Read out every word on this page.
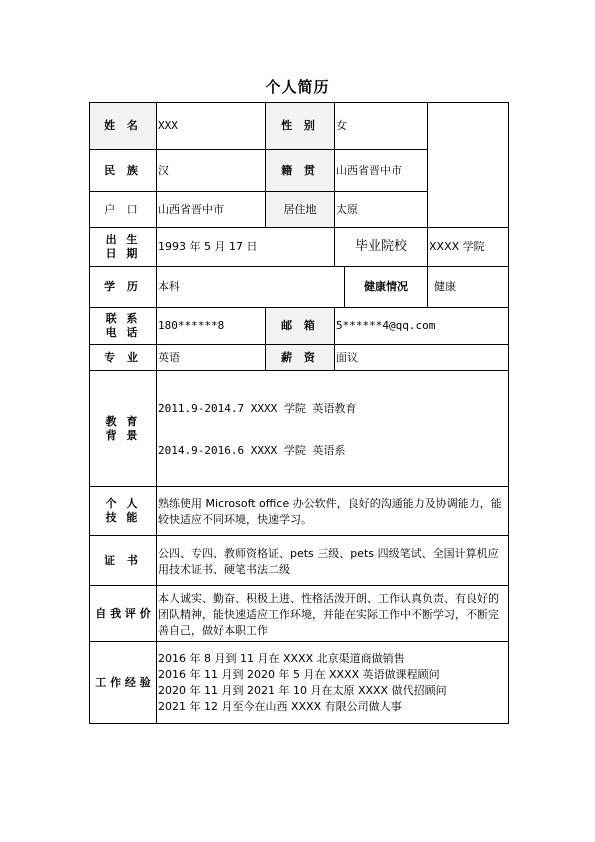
个人简历
姓 名	XXX	性 别	女		
民 族	汉	籍 贯	山西省晋中市		
户 口	山西省晋中市	居住地	太原		

出 生
日 期	1993 年 5 月 17 日		毕业院校		XXXX 学院
学 历	本科			健康情况	健康

联 系
电 话	180******8	邮 箱	5******4@qq.com		
专 业	英语	薪 资	面议		

教 育
背 景	2011.9-2014.7 XXXX 学院 英语教育

2014.9-2016.6 XXXX 学院 英语系				

个 人
技 能	熟练使用 Microsoft office 办公软件，良好的沟通能力及协调能力，能较快适应不同环境，快速学习。				
证 书	公四、专四、教师资格证、pets 三级、pets 四级笔试、全国计算机应用技术证书、硬笔书法二级				
自 我 评 价	本人诚实、勤奋、积极上进、性格活泼开朗、工作认真负责、有良好的团队精神，能快速适应工作环境，并能在实际工作中不断学习，不断完善自己，做好本职工作				
工 作 经 验	2016 年 8 月到 11 月在 XXXX 北京渠道商做销售
2016 年 11 月到 2020 年 5 月在 XXXX 英语做课程顾问
2020 年 11 月到 2021 年 10 月在太原 XXXX 做代招顾问
2021 年 12 月至今在山西 XXXX 有限公司做人事				
